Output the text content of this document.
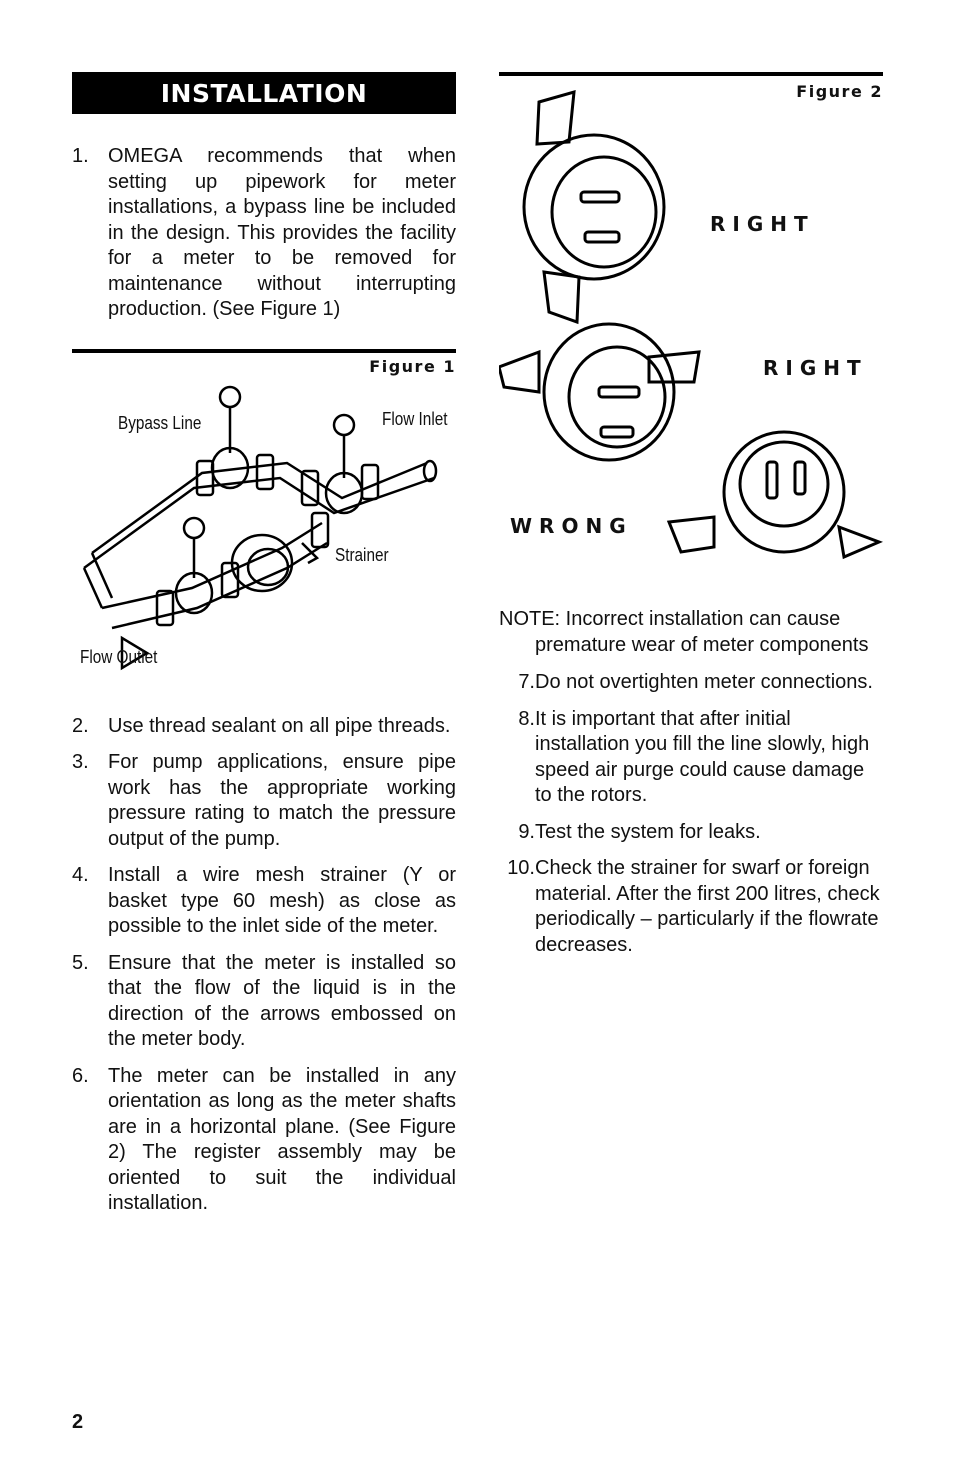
INSTALLATION
1. OMEGA recommends that when setting up pipework for meter installations, a bypass line be included in the design. This provides the facility for a meter to be removed for maintenance without interrupting production. (See Figure 1)
Figure 1
Bypass Line	Flow Inlet
Strainer
Flow Outlet
2. Use thread sealant on all pipe threads.
3. For pump applications, ensure pipe work has the appropriate working pressure rating to match the pressure output of the pump.
4. Install a wire mesh strainer (Y or basket type 60 mesh) as close as possible to the inlet side of the meter.
5. Ensure that the meter is installed so that the flow of the liquid is in the direction of the arrows embossed on the meter body.
6. The meter can be installed in any orientation as long as the meter shafts are in a horizontal plane. (See Figure 2) The register assembly may be oriented to suit the individual installation.
Figure 2
RIGHT
RIGHT
WRONG
NOTE: Incorrect installation can cause premature wear of meter components
7. Do not overtighten meter connections.
8. It is important that after initial installation you fill the line slowly, high speed air purge could cause damage to the rotors.
9. Test the system for leaks.
10. Check the strainer for swarf or foreign material. After the first 200 litres, check periodically – particularly if the flowrate decreases.
2
